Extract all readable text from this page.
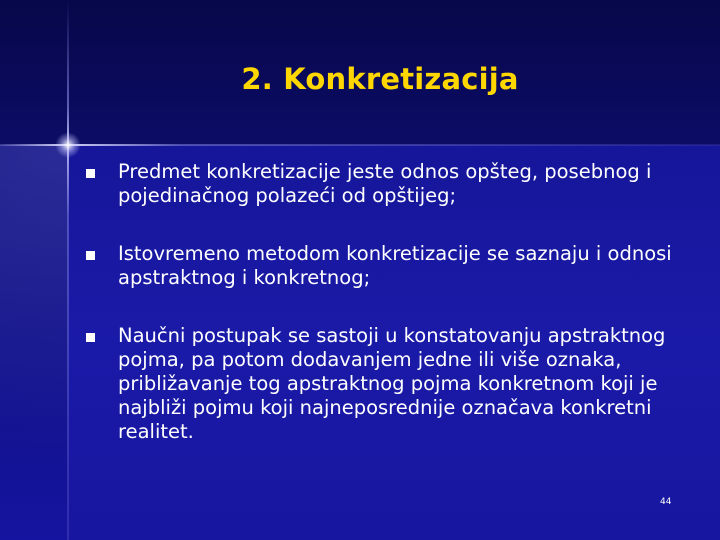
2. Konkretizacija
Predmet konkretizacije jeste odnos opšteg, posebnog i pojedinačnog polazeći od opštijeg;
Istovremeno metodom konkretizacije se saznaju i odnosi apstraktnog i konkretnog;
Naučni postupak se sastoji u konstatovanju apstraktnog pojma, pa potom dodavanjem jedne ili više oznaka, približavanje tog apstraktnog pojma konkretnom koji je najbliži pojmu koji najneposrednije označava konkretni realitet.
44
